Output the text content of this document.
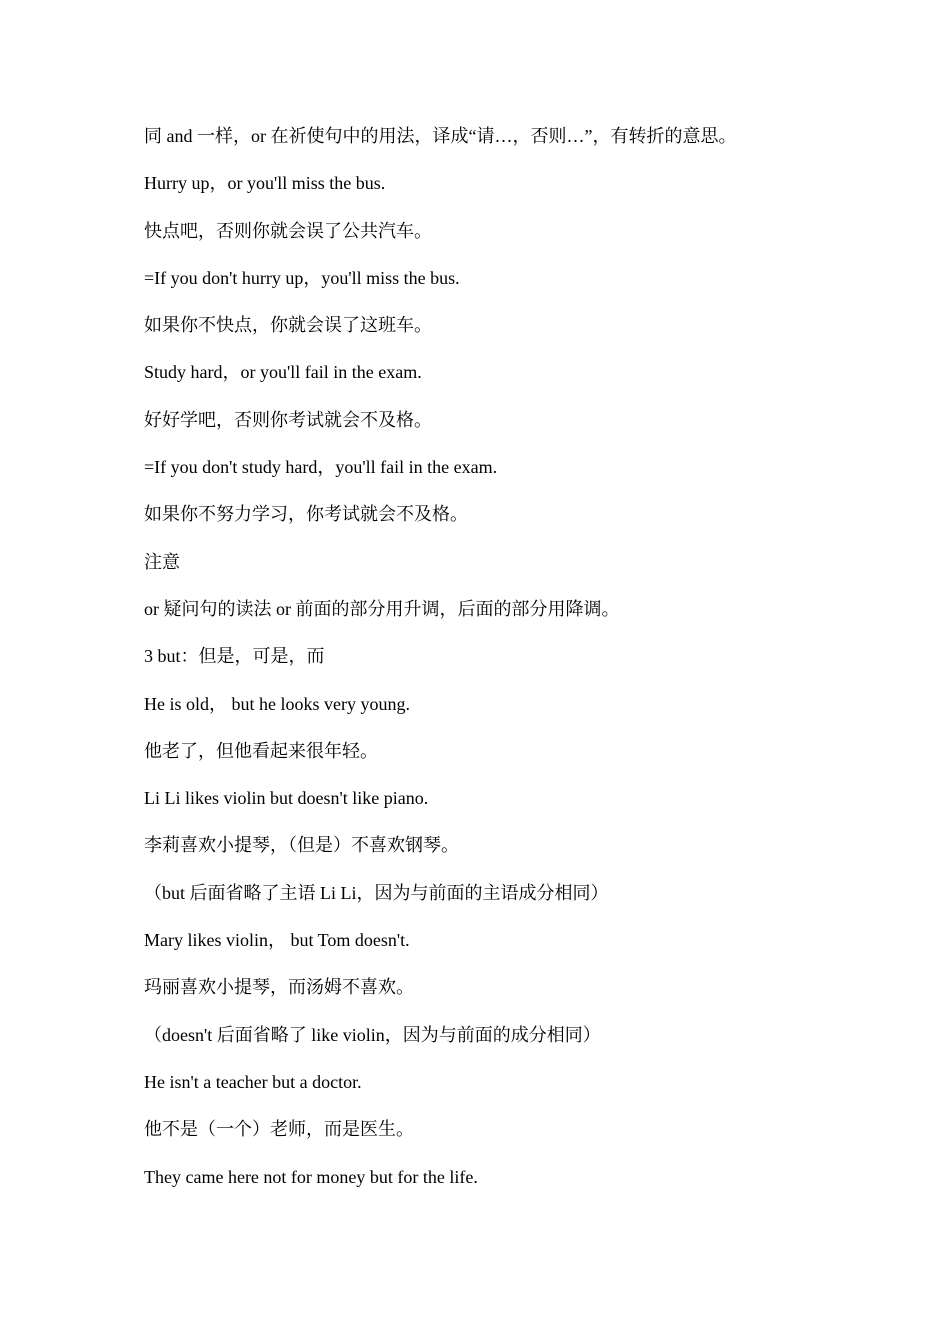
同 and 一样，or 在祈使句中的用法，译成“请…，否则…”，有转折的意思。
Hurry up，or you'll miss the bus.
快点吧，否则你就会误了公共汽车。
=If you don't hurry up，you'll miss the bus.
如果你不快点，你就会误了这班车。
Study hard，or you'll fail in the exam.
好好学吧，否则你考试就会不及格。
=If you don't study hard，you'll fail in the exam.
如果你不努力学习，你考试就会不及格。
注意
or 疑问句的读法 or 前面的部分用升调，后面的部分用降调。
3 but：但是，可是，而
He is old， but he looks very young.
他老了，但他看起来很年轻。
Li Li likes violin but doesn't like piano.
李莉喜欢小提琴，（但是）不喜欢钢琴。
（but 后面省略了主语 Li Li，因为与前面的主语成分相同）
Mary likes violin， but Tom doesn't.
玛丽喜欢小提琴，而汤姆不喜欢。
（doesn't 后面省略了 like violin，因为与前面的成分相同）
He isn't a teacher but a doctor.
他不是（一个）老师，而是医生。
They came here not for money but for the life.
